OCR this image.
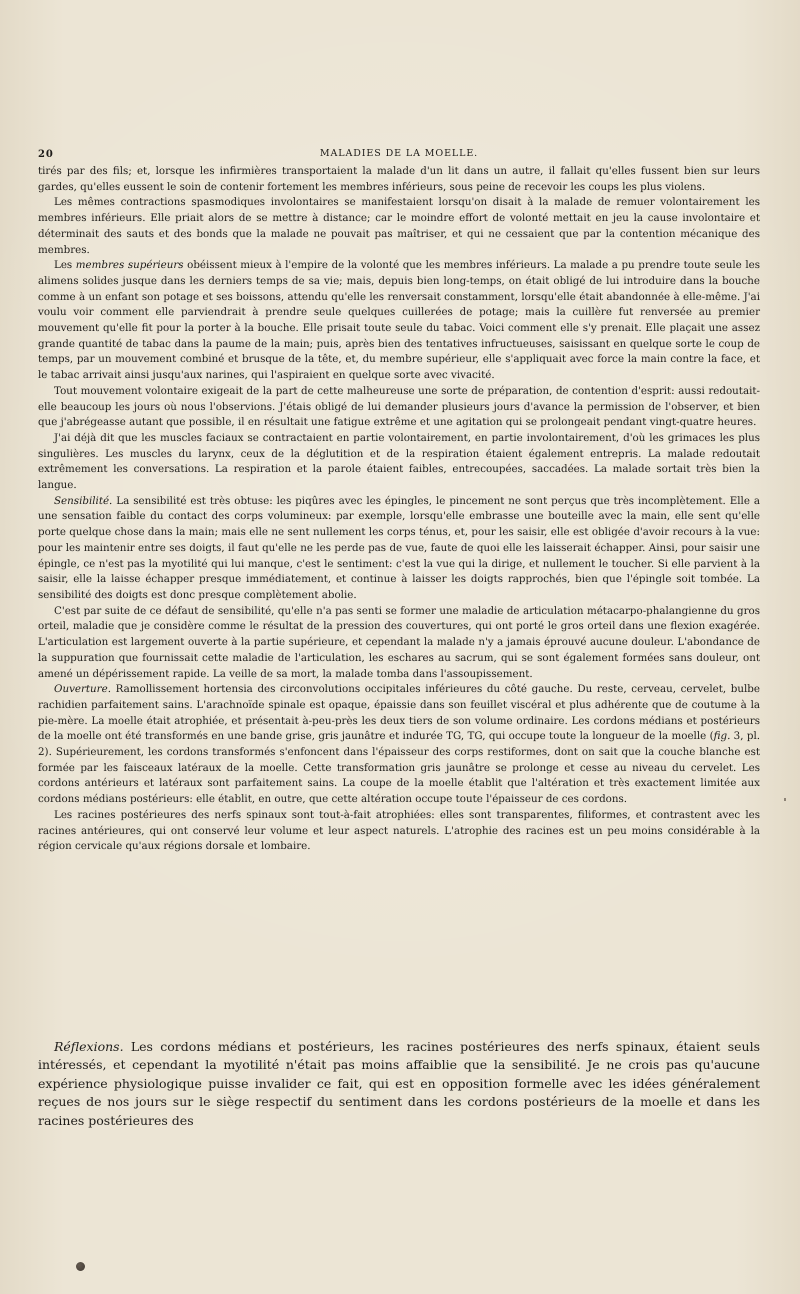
20	MALADIES DE LA MOELLE.

tirés par des fils; et, lorsque les infirmières transportaient la malade d'un lit dans un autre, il fallait qu'elles fussent bien sur leurs gardes, qu'elles eussent le soin de contenir fortement les membres inférieurs, sous peine de recevoir les coups les plus violens.

Les mêmes contractions spasmodiques involontaires se manifestaient lorsqu'on disait à la malade de remuer volontairement les membres inférieurs. Elle priait alors de se mettre à distance; car le moindre effort de volonté mettait en jeu la cause involontaire et déterminait des sauts et des bonds que la malade ne pouvait pas maîtriser, et qui ne cessaient que par la contention mécanique des membres.

Les membres supérieurs obéissent mieux à l'empire de la volonté que les membres inférieurs. La malade a pu prendre toute seule les alimens solides jusque dans les derniers temps de sa vie; mais, depuis bien long-temps, on était obligé de lui introduire dans la bouche comme à un enfant son potage et ses boissons, attendu qu'elle les renversait constamment, lorsqu'elle était abandonnée à elle-même. J'ai voulu voir comment elle parviendrait à prendre seule quelques cuillerées de potage; mais la cuillère fut renversée au premier mouvement qu'elle fit pour la porter à la bouche. Elle prisait toute seule du tabac. Voici comment elle s'y prenait. Elle plaçait une assez grande quantité de tabac dans la paume de la main; puis, après bien des tentatives infructueuses, saisissant en quelque sorte le coup de temps, par un mouvement combiné et brusque de la tête, et, du membre supérieur, elle s'appliquait avec force la main contre la face, et le tabac arrivait ainsi jusqu'aux narines, qui l'aspiraient en quelque sorte avec vivacité.

Tout mouvement volontaire exigeait de la part de cette malheureuse une sorte de préparation, de contention d'esprit: aussi redoutait-elle beaucoup les jours où nous l'observions. J'étais obligé de lui demander plusieurs jours d'avance la permission de l'observer, et bien que j'abrégeasse autant que possible, il en résultait une fatigue extrême et une agitation qui se prolongeait pendant vingt-quatre heures.

J'ai déjà dit que les muscles faciaux se contractaient en partie volontairement, en partie involontairement, d'où les grimaces les plus singulières. Les muscles du larynx, ceux de la déglutition et de la respiration étaient également entrepris. La malade redoutait extrêmement les conversations. La respiration et la parole étaient faibles, entrecoupées, saccadées. La malade sortait très bien la langue.

Sensibilité. La sensibilité est très obtuse: les piqûres avec les épingles, le pincement ne sont perçus que très incomplètement. Elle a une sensation faible du contact des corps volumineux: par exemple, lorsqu'elle embrasse une bouteille avec la main, elle sent qu'elle porte quelque chose dans la main; mais elle ne sent nullement les corps ténus, et, pour les saisir, elle est obligée d'avoir recours à la vue: pour les maintenir entre ses doigts, il faut qu'elle ne les perde pas de vue, faute de quoi elle les laisserait échapper. Ainsi, pour saisir une épingle, ce n'est pas la myotilité qui lui manque, c'est le sentiment: c'est la vue qui la dirige, et nullement le toucher. Si elle parvient à la saisir, elle la laisse échapper presque immédiatement, et continue à laisser les doigts rapprochés, bien que l'épingle soit tombée. La sensibilité des doigts est donc presque complètement abolie.

C'est par suite de ce défaut de sensibilité, qu'elle n'a pas senti se former une maladie de articulation métacarpo-phalangienne du gros orteil, maladie que je considère comme le résultat de la pression des couvertures, qui ont porté le gros orteil dans une flexion exagérée. L'articulation est largement ouverte à la partie supérieure, et cependant la malade n'y a jamais éprouvé aucune douleur. L'abondance de la suppuration que fournissait cette maladie de l'articulation, les eschares au sacrum, qui se sont également formées sans douleur, ont amené un dépérissement rapide. La veille de sa mort, la malade tomba dans l'assoupissement.

Ouverture. Ramollissement hortensia des circonvolutions occipitales inférieures du côté gauche. Du reste, cerveau, cervelet, bulbe rachidien parfaitement sains. L'arachnoïde spinale est opaque, épaissie dans son feuillet viscéral et plus adhérente que de coutume à la pie-mère. La moelle était atrophiée, et présentait à-peu-près les deux tiers de son volume ordinaire. Les cordons médians et postérieurs de la moelle ont été transformés en une bande grise, gris jaunâtre et indurée TG, TG, qui occupe toute la longueur de la moelle (fig. 3, pl. 2). Supérieurement, les cordons transformés s'enfoncent dans l'épaisseur des corps restiformes, dont on sait que la couche blanche est formée par les faisceaux latéraux de la moelle. Cette transformation gris jaunâtre se prolonge et cesse au niveau du cervelet. Les cordons antérieurs et latéraux sont parfaitement sains. La coupe de la moelle établit que l'altération et très exactement limitée aux cordons médians postérieurs: elle établit, en outre, que cette altération occupe toute l'épaisseur de ces cordons.

Les racines postérieures des nerfs spinaux sont tout-à-fait atrophiées: elles sont transparentes, filiformes, et contrastent avec les racines antérieures, qui ont conservé leur volume et leur aspect naturels. L'atrophie des racines est un peu moins considérable à la région cervicale qu'aux régions dorsale et lombaire.

Réflexions. Les cordons médians et postérieurs, les racines postérieures des nerfs spinaux, étaient seuls intéressés, et cependant la myotilité n'était pas moins affaiblie que la sensibilité. Je ne crois pas qu'aucune expérience physiologique puisse invalider ce fait, qui est en opposition formelle avec les idées généralement reçues de nos jours sur le siège respectif du sentiment dans les cordons postérieurs de la moelle et dans les racines postérieures des
